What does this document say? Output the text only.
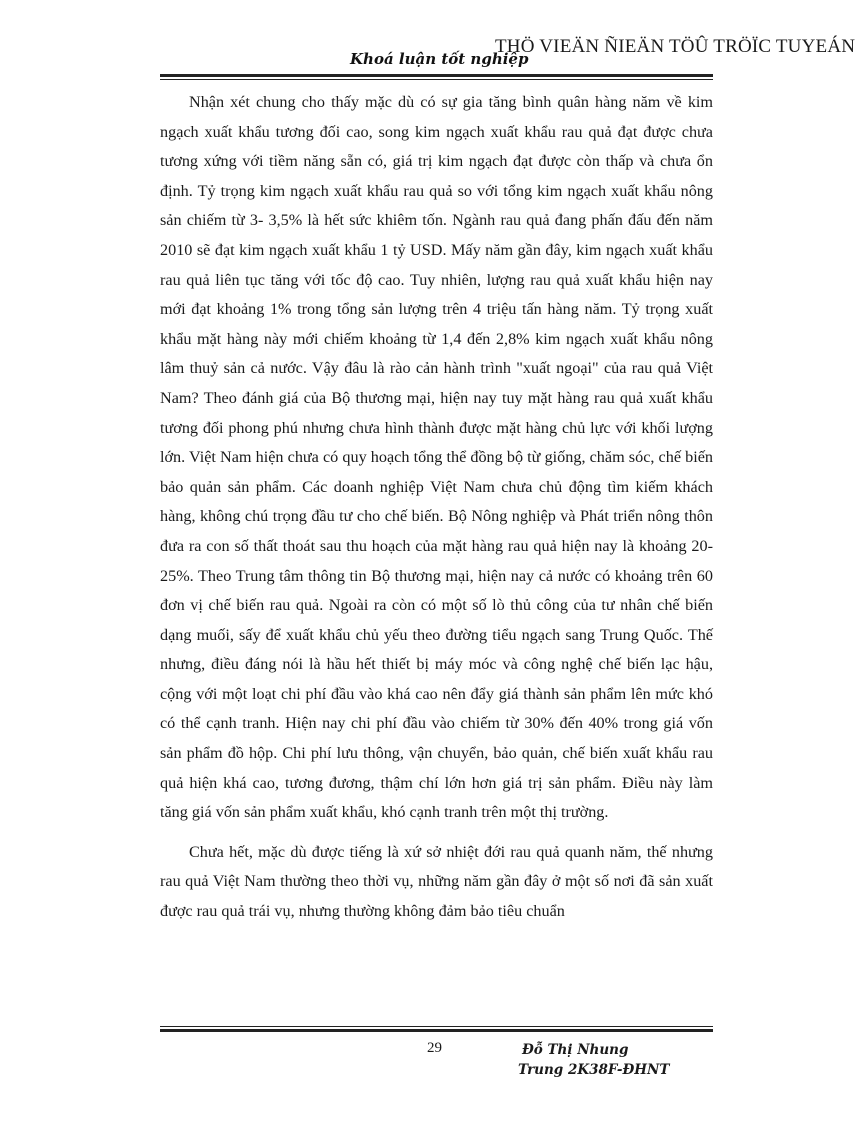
THÖ VIEÄN ÑIEÄN TÖÛ TRÖÏC TUYEÁN
Khoá luận tốt nghiệp

Nhận xét chung cho thấy mặc dù có sự gia tăng bình quân hàng năm về kim ngạch xuất khẩu tương đối cao, song kim ngạch xuất khẩu rau quả đạt được chưa tương xứng với tiềm năng sẵn có, giá trị kim ngạch đạt được còn thấp và chưa ổn định. Tỷ trọng kim ngạch xuất khẩu rau quả so với tổng kim ngạch xuất khẩu nông sản chiếm từ 3- 3,5% là hết sức khiêm tốn. Ngành rau quả đang phấn đấu đến năm 2010 sẽ đạt kim ngạch xuất khẩu 1 tỷ USD. Mấy năm gần đây, kim ngạch xuất khẩu rau quả liên tục tăng với tốc độ cao. Tuy nhiên, lượng rau quả xuất khẩu hiện nay mới đạt khoảng 1% trong tổng sản lượng trên 4 triệu tấn hàng năm. Tỷ trọng xuất khẩu mặt hàng này mới chiếm khoảng từ 1,4 đến 2,8% kim ngạch xuất khẩu nông lâm thuỷ sản cả nước. Vậy đâu là rào cản hành trình "xuất ngoại" của rau quả Việt Nam? Theo đánh giá của Bộ thương mại, hiện nay tuy mặt hàng rau quả xuất khẩu tương đối phong phú nhưng chưa hình thành được mặt hàng chủ lực với khối lượng lớn. Việt Nam hiện chưa có quy hoạch tổng thể đồng bộ từ giống, chăm sóc, chế biến bảo quản sản phẩm. Các doanh nghiệp Việt Nam chưa chủ động tìm kiếm khách hàng, không chú trọng đầu tư cho chế biến. Bộ Nông nghiệp và Phát triển nông thôn đưa ra con số thất thoát sau thu hoạch của mặt hàng rau quả hiện nay là khoảng 20-25%. Theo Trung tâm thông tin Bộ thương mại, hiện nay cả nước có khoảng trên 60 đơn vị chế biến rau quả. Ngoài ra còn có một số lò thủ công của tư nhân chế biến dạng muối, sấy để xuất khẩu chủ yếu theo đường tiểu ngạch sang Trung Quốc. Thế nhưng, điều đáng nói là hầu hết thiết bị máy móc và công nghệ chế biến lạc hậu, cộng với một loạt chi phí đầu vào khá cao nên đẩy giá thành sản phẩm lên mức khó có thể cạnh tranh. Hiện nay chi phí đầu vào chiếm từ 30% đến 40% trong giá vốn sản phẩm đồ hộp. Chi phí lưu thông, vận chuyển, bảo quản, chế biến xuất khẩu rau quả hiện khá cao, tương đương, thậm chí lớn hơn giá trị sản phẩm. Điều này làm tăng giá vốn sản phẩm xuất khẩu, khó cạnh tranh trên một thị trường.

Chưa hết, mặc dù được tiếng là xứ sở nhiệt đới rau quả quanh năm, thế nhưng rau quả Việt Nam thường theo thời vụ, những năm gần đây ở một số nơi đã sản xuất được rau quả trái vụ, nhưng thường không đảm bảo tiêu chuẩn

29	Đỗ Thị Nhung
Trung 2K38F-ĐHNT
